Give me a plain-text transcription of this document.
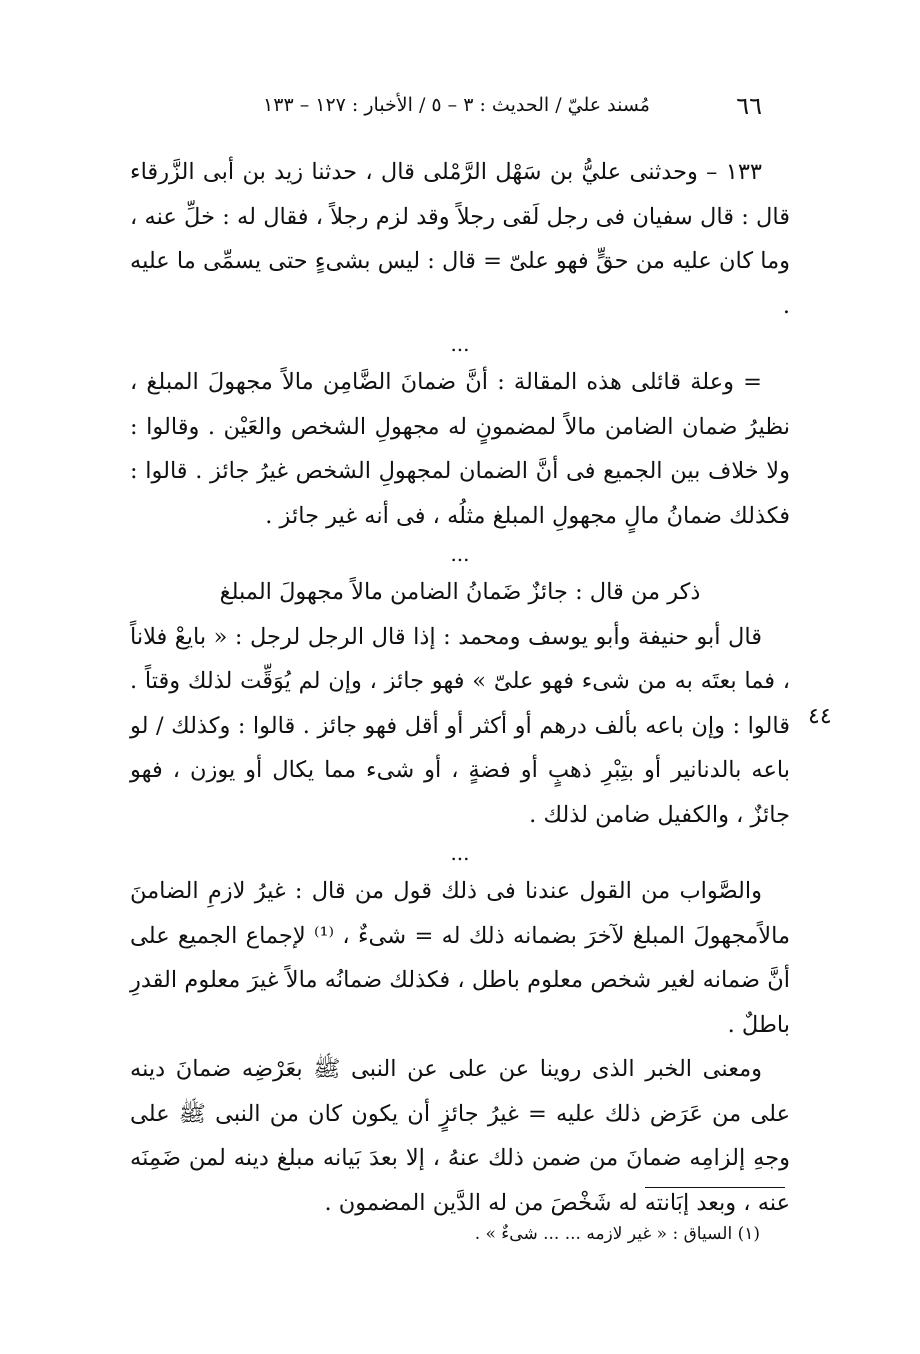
٦٦
مُسند عليّ / الحديث : ٣ – ٥ / الأخبار : ١٢٧ – ١٣٣

١٣٣ – وحدثنى عليُّ بن سَهْل الرَّمْلى قال ، حدثنا زيد بن أبى الزَّرقاء قال : قال سفيان فى رجل لَقى رجلاً وقد لزم رجلاً ، فقال له : خلِّ عنه ، وما كان عليه من حقٍّ فهو علىّ = قال : ليس بشىءٍ حتى يسمِّى ما عليه .

...

= وعلة قائلى هذه المقالة : أنَّ ضمانَ الضَّامِن مالاً مجهولَ المبلغ ، نظيرُ ضمان الضامن مالاً لمضمونٍ له مجهولِ الشخص والعَيْن . وقالوا : ولا خلاف بين الجميع فى أنَّ الضمان لمجهولِ الشخص غيرُ جائز . قالوا : فكذلك ضمانُ مالٍ مجهولِ المبلغ مثلُه ، فى أنه غير جائز .

...

ذكر من قال : جائزٌ ضَمانُ الضامن مالاً مجهولَ المبلغ

قال أبو حنيفة وأبو يوسف ومحمد : إذا قال الرجل لرجل : « بايعْ فلاناً ، فما بعتَه به من شىء فهو علىّ » فهو جائز ، وإن لم يُوَقِّت لذلك وقتاً . قالوا : وإن باعه بألف درهم أو أكثر أو أقل فهو جائز . قالوا : وكذلك / لو باعه بالدنانير أو بتِبْرِ ذهبٍ أو فضةٍ ، أو شىء مما يكال أو يوزن ، فهو جائزٌ ، والكفيل ضامن لذلك .

...

والصَّواب من القول عندنا فى ذلك قول من قال : غيرُ لازمِ الضامنَ مالاًمجهولَ المبلغ لآخرَ بضمانه ذلك له = شىءٌ ، ⁽¹⁾ لإجماع الجميع على أنَّ ضمانه لغير شخص معلوم باطل ، فكذلك ضمانُه مالاً غيرَ معلوم القدرِ باطلٌ .

ومعنى الخبر الذى روينا عن على عن النبى ﷺ بعَرْضِه ضمانَ دينه على من عَرَض ذلك عليه = غيرُ جائزٍ أن يكون كان من النبى ﷺ على وجهِ إلزامِه ضمانَ من ضمن ذلك عنهُ ، إلا بعدَ بَيانه مبلغ دينه لمن ضَمِنَه عنه ، وبعد إبَانته له شَخْصَ من له الدَّين المضمون .

٤٤

(١) السياق : « غير لازمه ... ... شىءٌ » .
